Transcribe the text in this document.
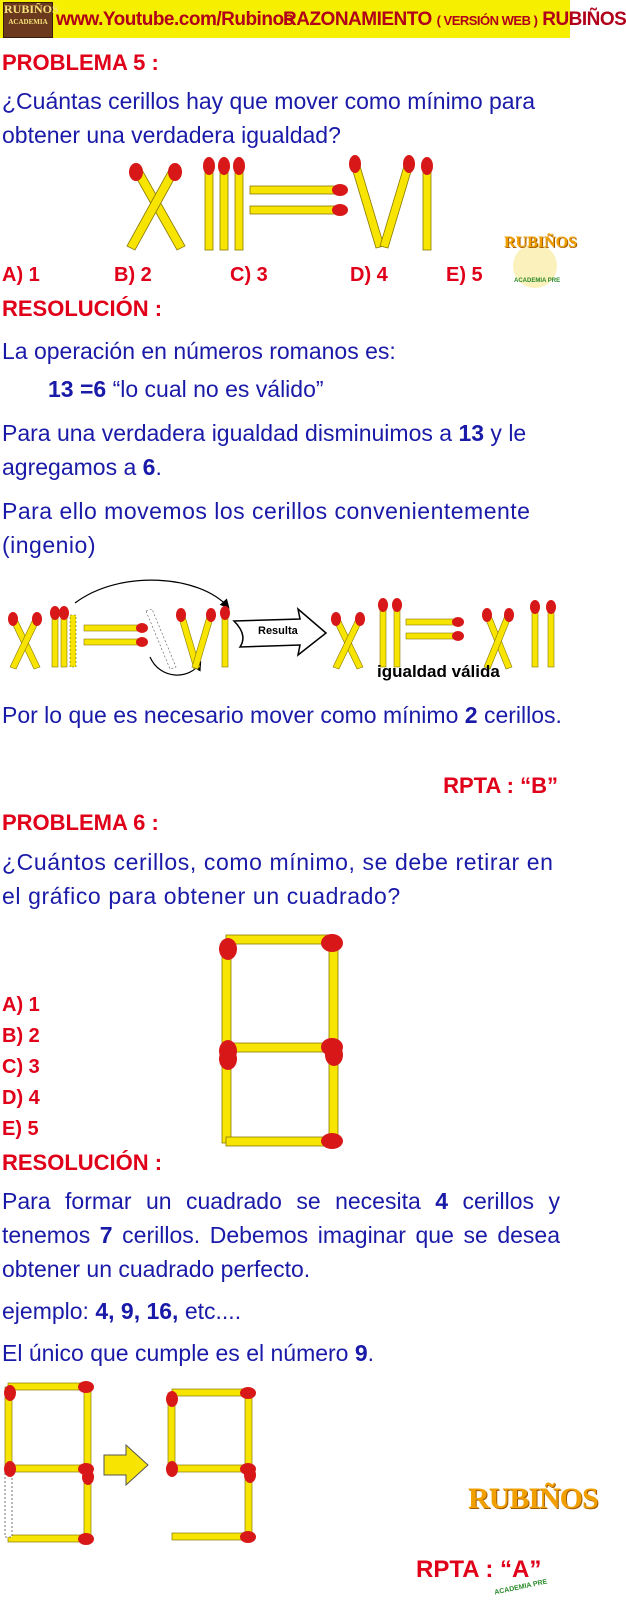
RUBIÑOS
ACADEMIA www.Youtube.com/Rubinos
RAZONAMIENTO ( VERSIÓN WEB ) RUBIÑOS
PROBLEMA 5 :
¿Cuántas cerillos hay que mover como mínimo para obtener una verdadera igualdad?
A) 1	B) 2	C) 3	D) 4	E) 5
RUBIÑOS
ACADEMIA PRE
RESOLUCIÓN :
La operación en números romanos es:
13 =6 “lo cual no es válido”
Para una verdadera igualdad disminuimos a 13 y le agregamos a 6.
Para ello movemos los cerillos convenientemente (ingenio)
Resulta
igualdad válida
Por lo que es necesario mover como mínimo 2 cerillos.
RPTA : “B”
PROBLEMA 6 :
¿Cuántos cerillos, como mínimo, se debe retirar en el gráfico para obtener un cuadrado?
A) 1
B) 2
C) 3
D) 4
E) 5
RESOLUCIÓN :
Para formar un cuadrado se necesita 4 cerillos y tenemos 7 cerillos. Debemos imaginar que se desea obtener un cuadrado perfecto.
ejemplo: 4, 9, 16, etc....
El único que cumple es el número 9.
RUBIÑOS
RPTA : “A”
ACADEMIA PRE
